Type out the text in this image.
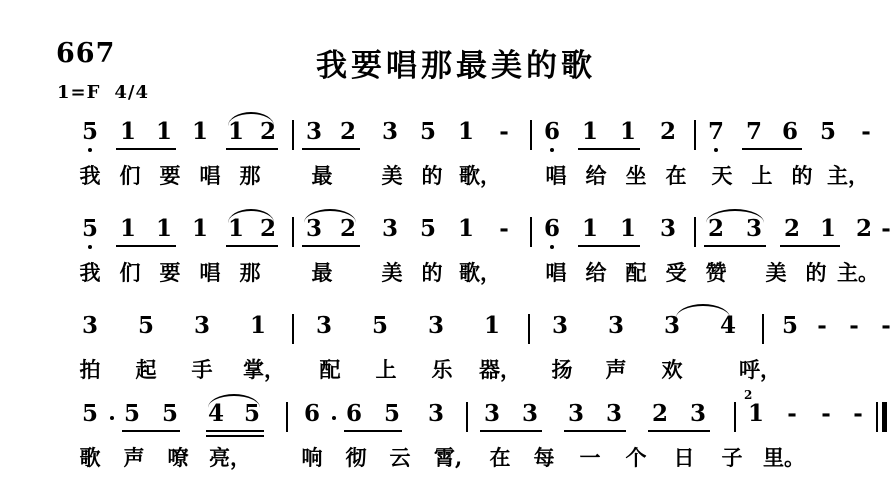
667	我要唱那最美的歌
1=F 4/4
5 1 1 1 1 2 3 2 3 5 1 - 6 1 1 2 7 7 6 5 -
我 们 要 唱 那 最 美 的 歌， 唱 给 坐 在 天 上 的 主，
5 1 1 1 1 2 3 2 3 5 1 - 6 1 1 3 2 3 2 1 2 -
我 们 要 唱 那 最 美 的 歌， 唱 给 配 受 赞 美 的 主。
3 5 3 1 3 5 3 1 3 3 3 4 5 - - -
拍 起 手 掌， 配 上 乐 器， 扬 声 欢	呼，
5 5 5 4 5 6 6 5 3 3 3 3 3 2 3
2
1 - - -
歌 声 嘹 亮， 响 彻 云 霄, 在 每 一 个 日 子 里。
